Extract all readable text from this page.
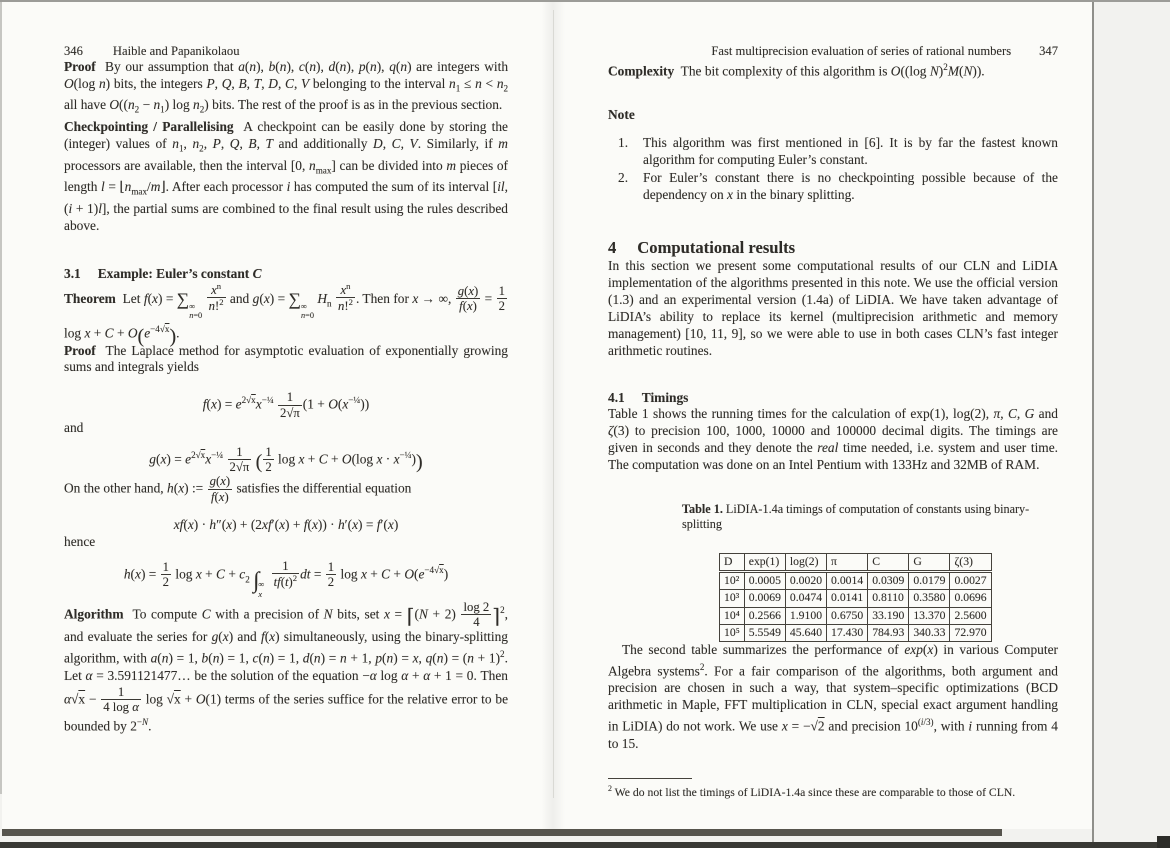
346 Haible and Papanikolaou

Proof  By our assumption that a(n), b(n), c(n), d(n), p(n), q(n) are integers with O(log n) bits, the integers P, Q, B, T, D, C, V belonging to the interval $n_1 \le n < n_2$ all have $O((n_2 - n_1)$ $\log n_2$) bits. The rest of the proof is as in the previous section.

Checkpointing / Parallelising  A checkpoint can be easily done by storing the (integer) values of $n_1$, $n_2$, P, Q, B, T and additionally D, C, V. Similarly, if m processors are available, then the interval [0, $n_{max}$] can be divided into m pieces of length $l = ⌊n_{max}/m⌋$. After each processor i has computed the sum of its interval [il, (i + 1)l], the partial sums are combined to the final result using the rules described above.

3.1 Example: Euler’s constant C

Theorem  Let f(x) = ∑ ∞
n=0

$\frac{x^n}{n!^2}$ and g(x) = ∑ ∞
n=0
$H_n \frac{x^n}{n!^2}$ . Then for x → ∞, $\frac{g(x)}{f(x)} = \frac{1}{2}$
$\log x + C + O(e^{-4√x})$.

Proof  The Laplace method for asymptotic evaluation of exponentially growing sums and integrals yields

$f(x) = e^{2√x}x^{-\frac{1}{4}} \frac{1}{2√\pi} (1 + O(x^{-\frac{1}{4}}))$

and

$g(x) = e^{2√x}x^{-\frac{1}{4}} \frac{1}{2√\pi}$ ( $\frac{1}{2}$ log x + C + O(log $x \cdot x^{-\frac{1}{4}}$))

On the other hand, h(x) := $\frac{g(x)}{f(x)}$ satisfies the differential equation

xf(x) · h″(x) + (2xf′(x) + f(x)) · h′(x) = f′(x)

hence

$h(x) = \frac{1}{2}$ $\log x + C + c_2$ ∫ ∞
x

$\frac{1}{tf(t)^2}$ dt = $\frac{1}{2}$ $\log x + C + O(e^{-4√x})$

Algorithm  To compute C with a precision of N bits, set x = ⌈(N + $2) \frac{\log 2}{4}$ ⌉$^2$, and evaluate the series for g(x) and f(x) simultaneously, using the binary-splitting algorithm, with a(n) = 1, b(n) = 1, c(n) = 1, d(n) = n + 1, p(n) = x, $q(n) = (n + 1)^2$. Let α = 3.591121477… be the solution of the equation −α log α + α + 1 = 0. Then $\alpha√x - \frac{1}{\text{4 log α}}$ log √x + O(1) terms of the series suffice for the relative error to be bounded by $2^{-N}$.

Fast multiprecision evaluation of series of rational numbers 347

Complexity  The bit complexity of this algorithm is O((log N)$^2$M(N)).

Note
1.	This algorithm was first mentioned in [6]. It is by far the fastest known algorithm for computing Euler’s constant.
2.	For Euler’s constant there is no checkpointing possible because of the dependency on x in the binary splitting.
4 Computational results

In this section we present some computational results of our CLN and LiDIA implementation of the algorithms presented in this note. We use the official version (1.3) and an experimental version (1.4a) of LiDIA. We have taken advantage of LiDIA’s ability to replace its kernel (multiprecision arithmetic and memory management) [10, 11, 9], so we were able to use in both cases CLN’s fast integer arithmetic routines.

4.1 Timings

Table 1 shows the running times for the calculation of exp(1), log(2), π, C, G and ζ(3) to precision 100, 1000, 10000 and 100000 decimal digits. The timings are given in seconds and they denote the real time needed, i.e. system and user time. The computation was done on an Intel Pentium with 133Hz and 32MB of RAM.

Table 1. LiDIA-1.4a timings of computation of constants using binary-splitting
D	exp(1)	log(2)	π	C	G	ζ(3)
10²	0.0005	0.0020	0.0014	0.0309	0.0179	0.0027
10³	0.0069	0.0474	0.0141	0.8110	0.3580	0.0696
10⁴	0.2566	1.9100	0.6750	33.190	13.370	2.5600
10⁵	5.5549	45.640	17.430	784.93	340.33	72.970

The second table summarizes the performance of exp(x) in various Computer Algebra systems$^2$. For a fair comparison of the algorithms, both argument and precision are chosen in such a way, that system–specific optimizations (BCD arithmetic in Maple, FFT multiplication in CLN, special exact argument handling in LiDIA) do not work. We use x = −√2 and precision $10^{(i/3)}$, with i running from 4 to 15.

$^2$ We do not list the timings of LiDIA-1.4a since these are comparable to those of CLN.
